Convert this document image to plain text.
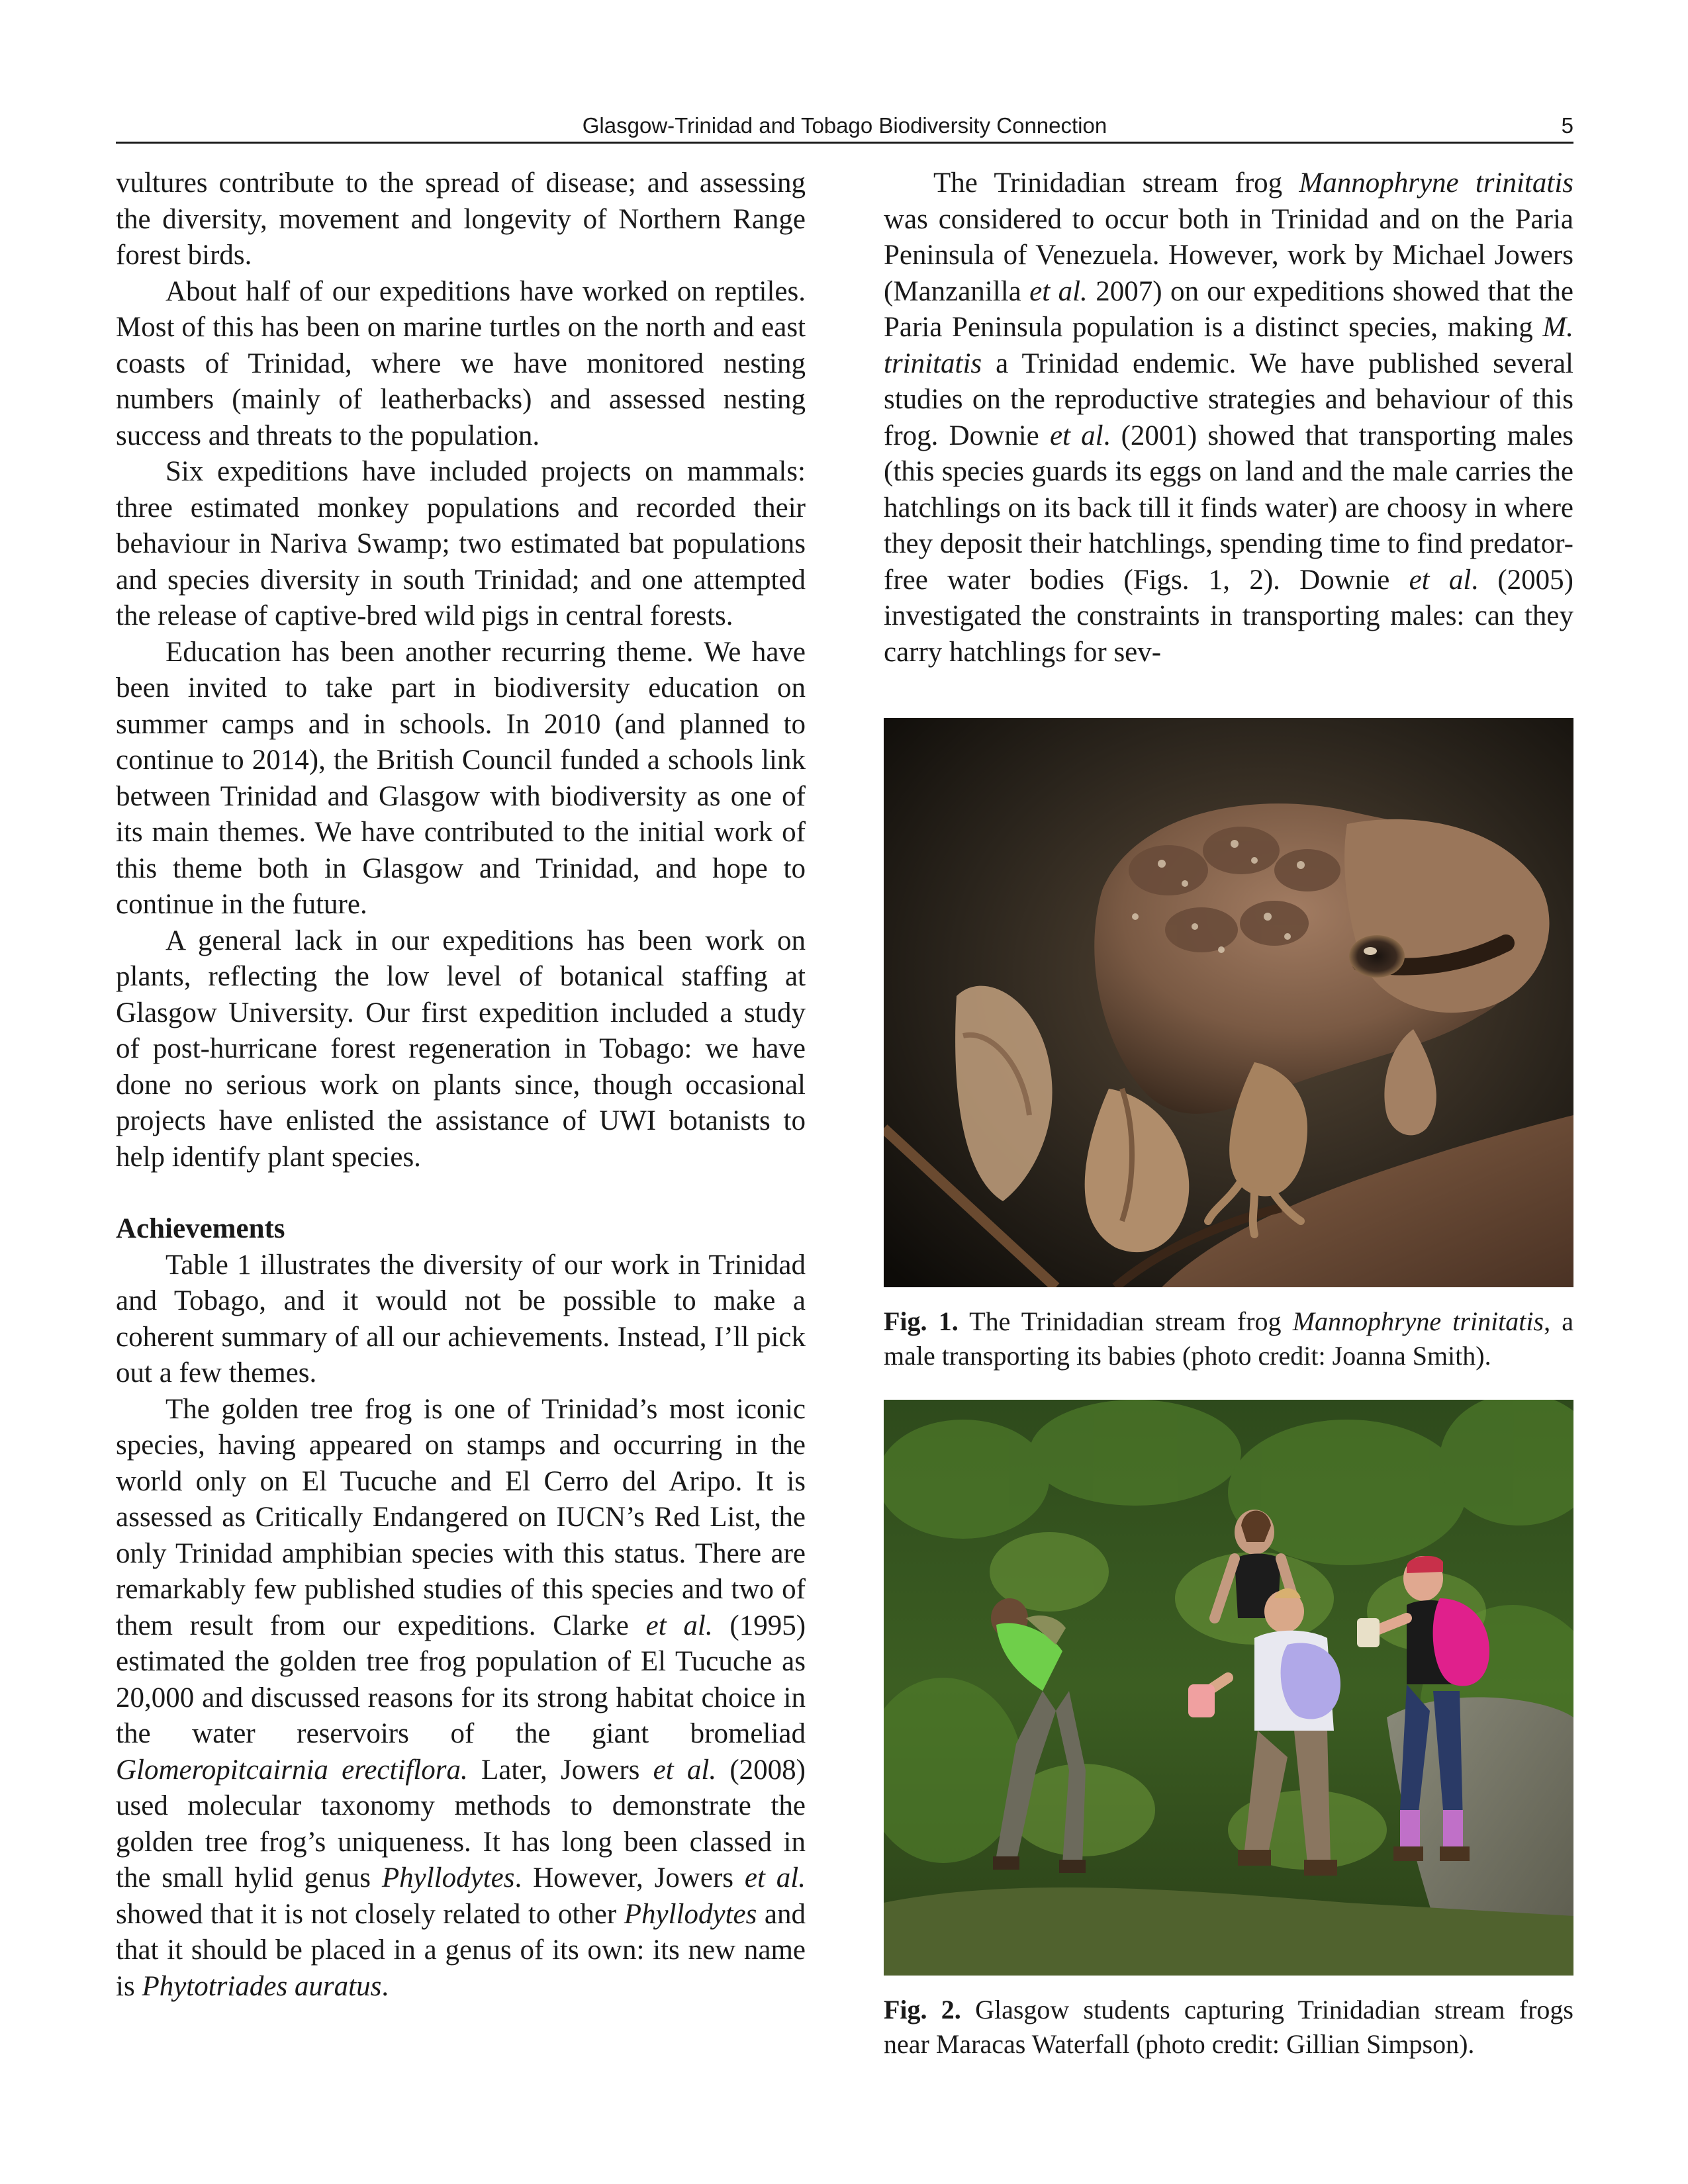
Glasgow-Trinidad and Tobago Biodiversity Connection	5

vultures contribute to the spread of disease; and assessing the diversity, movement and longevity of Northern Range forest birds.

About half of our expeditions have worked on reptiles. Most of this has been on marine turtles on the north and east coasts of Trinidad, where we have monitored nesting numbers (mainly of leatherbacks) and assessed nesting success and threats to the population.

Six expeditions have included projects on mammals: three estimated monkey populations and recorded their behaviour in Nariva Swamp; two estimated bat populations and species diversity in south Trinidad; and one attempted the release of captive-bred wild pigs in central forests.

Education has been another recurring theme. We have been invited to take part in biodiversity education on summer camps and in schools. In 2010 (and planned to continue to 2014), the British Council funded a schools link between Trinidad and Glasgow with biodiversity as one of its main themes. We have contributed to the initial work of this theme both in Glasgow and Trinidad, and hope to continue in the future.

A general lack in our expeditions has been work on plants, reflecting the low level of botanical staffing at Glasgow University. Our first expedition included a study of post-hurricane forest regeneration in Tobago: we have done no serious work on plants since, though occasional projects have enlisted the assistance of UWI botanists to help identify plant species.

Achievements

Table 1 illustrates the diversity of our work in Trinidad and Tobago, and it would not be possible to make a coherent summary of all our achievements. Instead, I’ll pick out a few themes.

The golden tree frog is one of Trinidad’s most iconic species, having appeared on stamps and occurring in the world only on El Tucuche and El Cerro del Aripo. It is assessed as Critically Endangered on IUCN’s Red List, the only Trinidad amphibian species with this status. There are remarkably few published studies of this species and two of them result from our expeditions. Clarke et al. (1995) estimated the golden tree frog population of El Tucuche as 20,000 and discussed reasons for its strong habitat choice in the water reservoirs of the giant bromeliad Glomeropitcairnia erectiflora. Later, Jowers et al. (2008) used molecular taxonomy methods to demonstrate the golden tree frog’s uniqueness. It has long been classed in the small hylid genus Phyllodytes. However, Jowers et al. showed that it is not closely related to other Phyllodytes and that it should be placed in a genus of its own: its new name is Phytotriades auratus.

The Trinidadian stream frog Mannophryne trinitatis was considered to occur both in Trinidad and on the Paria Peninsula of Venezuela. However, work by Michael Jowers (Manzanilla et al. 2007) on our expeditions showed that the Paria Peninsula population is a distinct species, making M. trinitatis a Trinidad endemic. We have published several studies on the reproductive strategies and behaviour of this frog. Downie et al. (2001) showed that transporting males (this species guards its eggs on land and the male carries the hatchlings on its back till it finds water) are choosy in where they deposit their hatchlings, spending time to find predator-free water bodies (Figs. 1, 2). Downie et al. (2005) investigated the constraints in transporting males: can they carry hatchlings for sev-

Fig. 1. The Trinidadian stream frog Mannophryne trinitatis, a male transporting its babies (photo credit: Joanna Smith).
Fig. 2. Glasgow students capturing Trinidadian stream frogs near Maracas Waterfall (photo credit: Gillian Simpson).
